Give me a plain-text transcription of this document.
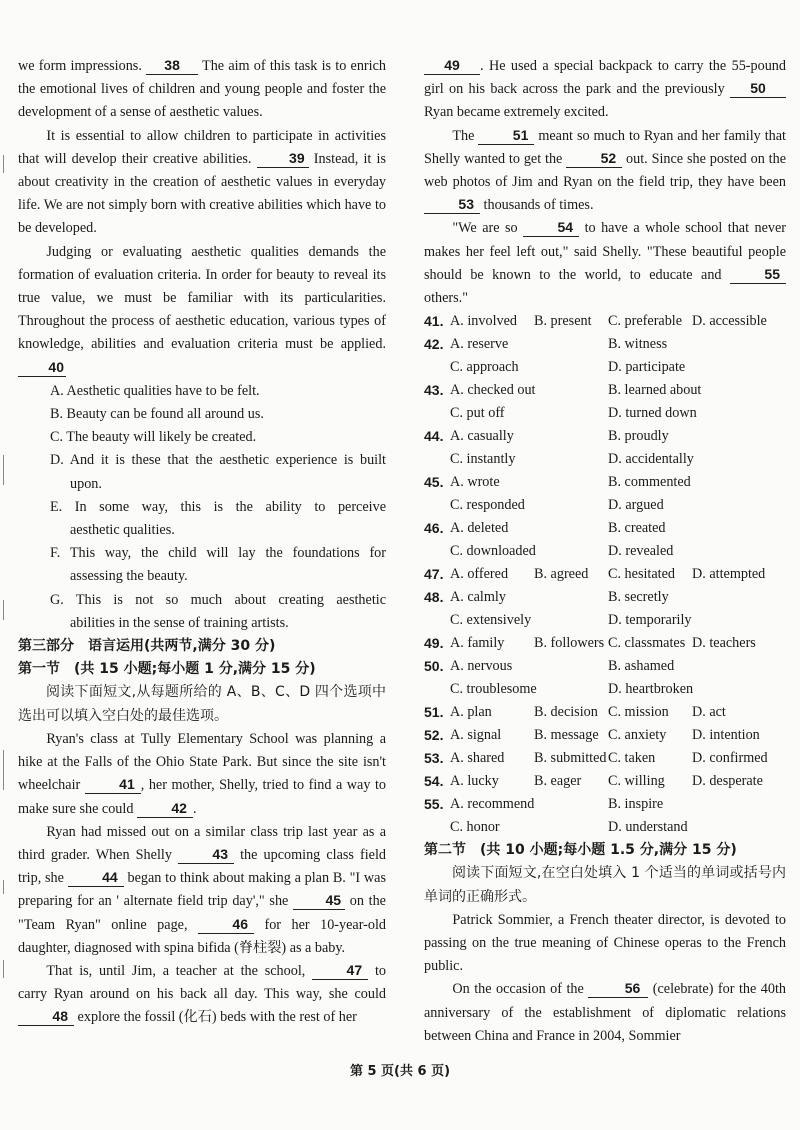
we form impressions. 38 The aim of this task is to enrich the emotional lives of children and young people and foster the development of a sense of aesthetic values.

It is essential to allow children to participate in activities that will develop their creative abilities. 39 Instead, it is about creativity in the creation of aesthetic values in everyday life. We are not simply born with creative abilities which have to be developed.

Judging or evaluating aesthetic qualities demands the formation of evaluation criteria. In order for beauty to reveal its true value, we must be familiar with its particularities. Throughout the process of aesthetic education, various types of knowledge, abilities and evaluation criteria must be applied. 40

A. Aesthetic qualities have to be felt.
B. Beauty can be found all around us.
C. The beauty will likely be created.
D. And it is these that the aesthetic experience is built
upon.
E. In some way, this is the ability to perceive
aesthetic qualities.
F. This way, the child will lay the foundations for
assessing the beauty.
G. This is not so much about creating aesthetic
abilities in the sense of training artists.
第三部分　语言运用(共两节,满分 30 分)
第一节　(共 15 小题;每小题 1 分,满分 15 分)

阅读下面短文,从每题所给的 A、B、C、D 四个选项中选出可以填入空白处的最佳选项。

Ryan's class at Tully Elementary School was planning a hike at the Falls of the Ohio State Park. But since the site isn't wheelchair 41 , her mother, Shelly, tried to find a way to make sure she could 42 .

Ryan had missed out on a similar class trip last year as a third grader. When Shelly 43 the upcoming class field trip, she 44 began to think about making a plan B. "I was preparing for an ' alternate field trip day'," she 45 on the "Team Ryan" online page, 46 for her 10-year-old daughter, diagnosed with spina bifida (脊柱裂) as a baby.

That is, until Jim, a teacher at the school, 47 to carry Ryan around on his back all day. This way, she could 48 explore the fossil (化石) beds with the rest of her

49 . He used a special backpack to carry the 55-pound girl on his back across the park and the previously 50 Ryan became extremely excited.

The 51 meant so much to Ryan and her family that Shelly wanted to get the 52 out. Since she posted on the web photos of Jim and Ryan on the field trip, they have been 53 thousands of times.

"We are so 54 to have a whole school that never makes her feel left out," said Shelly. "These beautiful people should be known to the world, to educate and 55 others."

41. A. involved	B. present	C. preferable D. accessible
42. A. reserve	B. witness
C. approach	D. participate
43. A. checked out	B. learned about
C. put off	D. turned down
44. A. casually	B. proudly
C. instantly	D. accidentally
45. A. wrote	B. commented
C. responded	D. argued
46. A. deleted	B. created
C. downloaded	D. revealed
47. A. offered	B. agreed	C. hesitated	D. attempted
48. A. calmly	B. secretly
C. extensively	D. temporarily
49. A. family	B. followers C. classmates D. teachers
50. A. nervous	B. ashamed
C. troublesome	D. heartbroken
51. A. plan	B. decision C. mission	D. act
52. A. signal	B. message C. anxiety	D. intention
53. A. shared	B. submitted C. taken	D. confirmed
54. A. lucky	B. eager	C. willing	D. desperate
55. A. recommend	B. inspire
C. honor	D. understand
第二节　(共 10 小题;每小题 1.5 分,满分 15 分)

阅读下面短文,在空白处填入 1 个适当的单词或括号内单词的正确形式。

Patrick Sommier, a French theater director, is devoted to passing on the true meaning of Chinese operas to the French public.

On the occasion of the	56 (celebrate) for the 40th anniversary of the establishment of diplomatic relations between China and France in 2004, Sommier

第 5 页(共 6 页)
